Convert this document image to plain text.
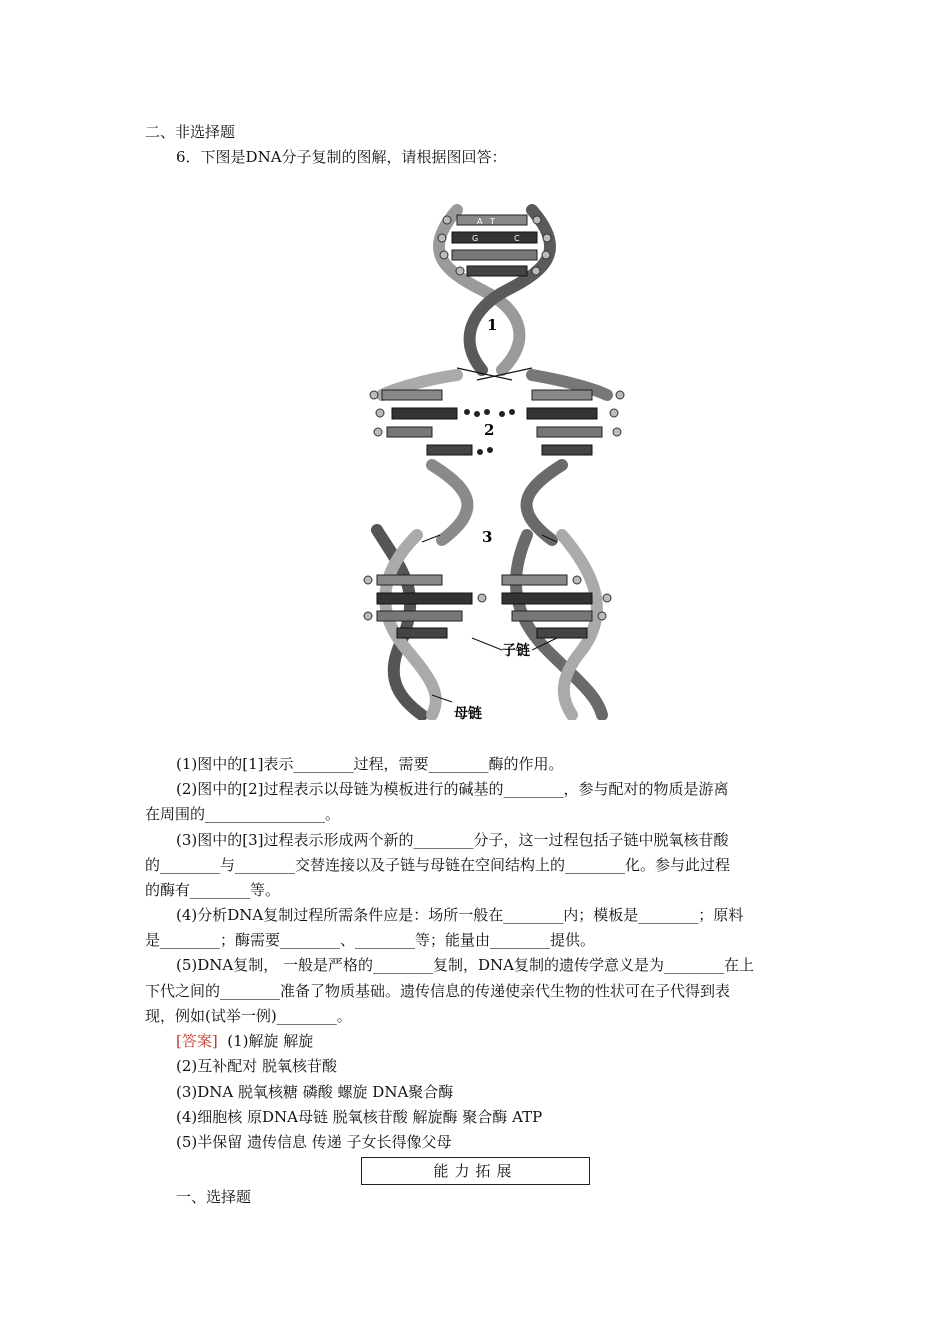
二、非选择题
6．下图是DNA分子复制的图解，请根据图回答：
A T
G	C
1
2
3
子链
母链
(1)图中的[1]表示________过程，需要________酶的作用。
(2)图中的[2]过程表示以母链为模板进行的碱基的________，参与配对的物质是游离
在周围的________________。
(3)图中的[3]过程表示形成两个新的________分子，这一过程包括子链中脱氧核苷酸
的________与________交替连接以及子链与母链在空间结构上的________化。参与此过程
的酶有________等。
(4)分析DNA复制过程所需条件应是：场所一般在________内；模板是________；原料
是________；酶需要________、________等；能量由________提供。
(5)DNA复制， 一般是严格的________复制，DNA复制的遗传学意义是为________在上
下代之间的________准备了物质基础。遗传信息的传递使亲代生物的性状可在子代得到表
现，例如(试举一例)________。
[答案] (1)解旋 解旋
(2)互补配对 脱氧核苷酸
(3)DNA 脱氧核糖 磷酸 螺旋 DNA聚合酶
(4)细胞核 原DNA母链 脱氧核苷酸 解旋酶 聚合酶 ATP
(5)半保留 遗传信息 传递 子女长得像父母
能力拓展
一、选择题
